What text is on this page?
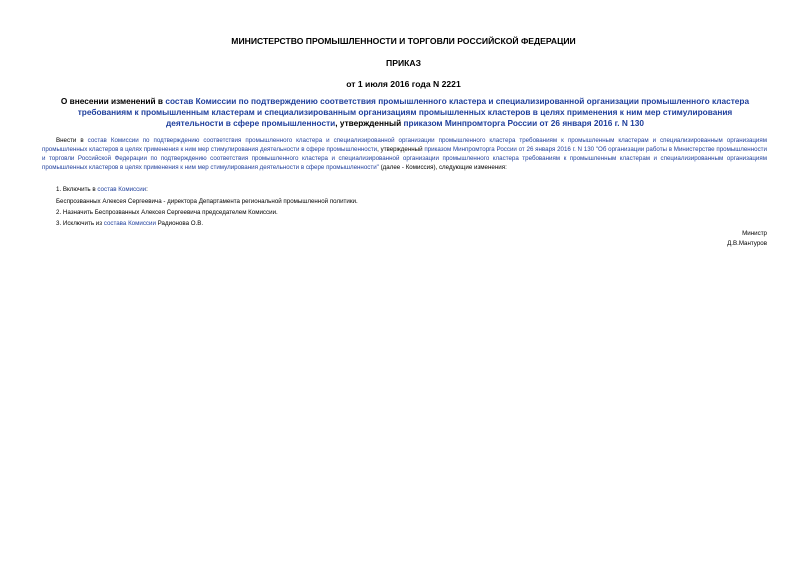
МИНИСТЕРСТВО ПРОМЫШЛЕННОСТИ И ТОРГОВЛИ РОССИЙСКОЙ ФЕДЕРАЦИИ
ПРИКАЗ
от 1 июля 2016 года N 2221
О внесении изменений в состав Комиссии по подтверждению соответствия промышленного кластера и специализированной организации промышленного кластера требованиям к промышленным кластерам и специализированным организациям промышленных кластеров в целях применения к ним мер стимулирования деятельности в сфере промышленности, утвержденный приказом Минпромторга России от 26 января 2016 г. N 130
Внести в состав Комиссии по подтверждению соответствия промышленного кластера и специализированной организации промышленного кластера требованиям к промышленным кластерам и специализированным организациям промышленных кластеров в целях применения к ним мер стимулирования деятельности в сфере промышленности, утвержденный приказом Минпромторга России от 26 января 2016 г. N 130 "Об организации работы в Министерстве промышленности и торговли Российской Федерации по подтверждению соответствия промышленного кластера и специализированной организации промышленного кластера требованиям к промышленным кластерам и специализированным организациям промышленных кластеров в целях применения к ним мер стимулирования деятельности в сфере промышленности" (далее - Комиссия), следующие изменения:
1. Включить в состав Комиссии:
Беспрозванных Алексея Сергеевича - директора Департамента региональной промышленной политики.
2. Назначить Беспрозванных Алексея Сергеевича председателем Комиссии.
3. Исключить из состава Комиссии Радионова О.В.
Министр
Д.В.Мантуров
